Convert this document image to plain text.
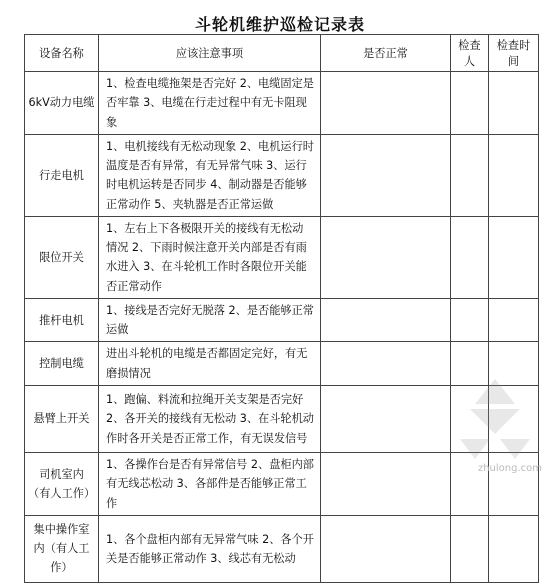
斗轮机维护巡检记录表
设备名称	应该注意事项	是否正常	检查人	检查时间
6kV动力电缆	1、检查电缆拖架是否完好 2、电缆固定是否牢靠 3、电缆在行走过程中有无卡阻现象			
行走电机	1、电机接线有无松动现象 2、电机运行时温度是否有异常，有无异常气味 3、运行时电机运转是否同步 4、制动器是否能够正常动作 5、夹轨器是否正常运做			
限位开关	1、左右上下各极限开关的接线有无松动情况 2、下雨时候注意开关内部是否有雨水进入 3、在斗轮机工作时各限位开关能否正常动作			
推杆电机	1、接线是否完好无脱落 2、是否能够正常运做			
控制电缆	进出斗轮机的电缆是否都固定完好，有无磨损情况			
悬臂上开关	1、跑偏、料流和拉绳开关支架是否完好 2、各开关的接线有无松动 3、在斗轮机动作时各开关是否正常工作，有无误发信号			
司机室内（有人工作）	1、各操作台是否有异常信号 2、盘柜内部有无线芯松动 3、各部件是否能够正常工作			
集中操作室内（有人工作）	1、各个盘柜内部有无异常气味 2、各个开关是否能够正常动作 3、线芯有无松动			
zhulong.com
